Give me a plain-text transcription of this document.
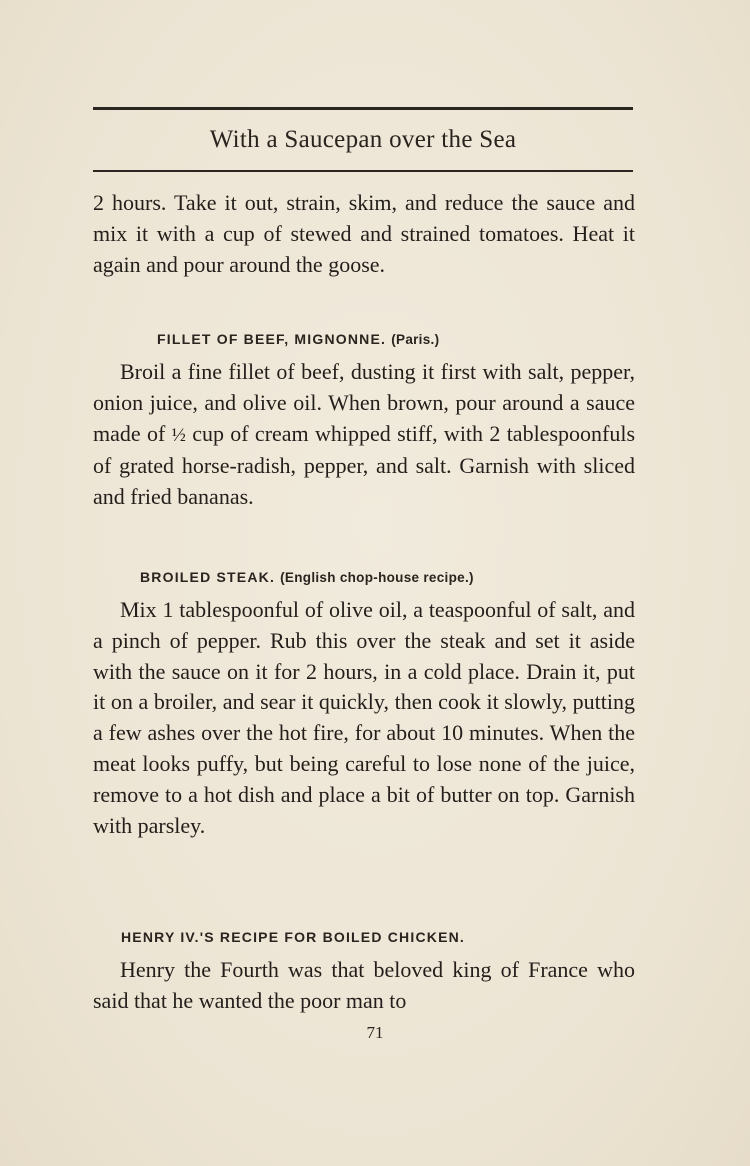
With a Saucepan over the Sea
2 hours. Take it out, strain, skim, and reduce the sauce and mix it with a cup of stewed and strained tomatoes. Heat it again and pour around the goose.
FILLET OF BEEF, MIGNONNE. (Paris.)
Broil a fine fillet of beef, dusting it first with salt, pepper, onion juice, and olive oil. When brown, pour around a sauce made of ½ cup of cream whipped stiff, with 2 tablespoonfuls of grated horse-radish, pepper, and salt. Garnish with sliced and fried bananas.
BROILED STEAK. (English chop-house recipe.)
Mix 1 tablespoonful of olive oil, a teaspoonful of salt, and a pinch of pepper. Rub this over the steak and set it aside with the sauce on it for 2 hours, in a cold place. Drain it, put it on a broiler, and sear it quickly, then cook it slowly, putting a few ashes over the hot fire, for about 10 minutes. When the meat looks puffy, but being careful to lose none of the juice, remove to a hot dish and place a bit of butter on top. Garnish with parsley.
HENRY IV.'S RECIPE FOR BOILED CHICKEN.
Henry the Fourth was that beloved king of France who said that he wanted the poor man to
71
